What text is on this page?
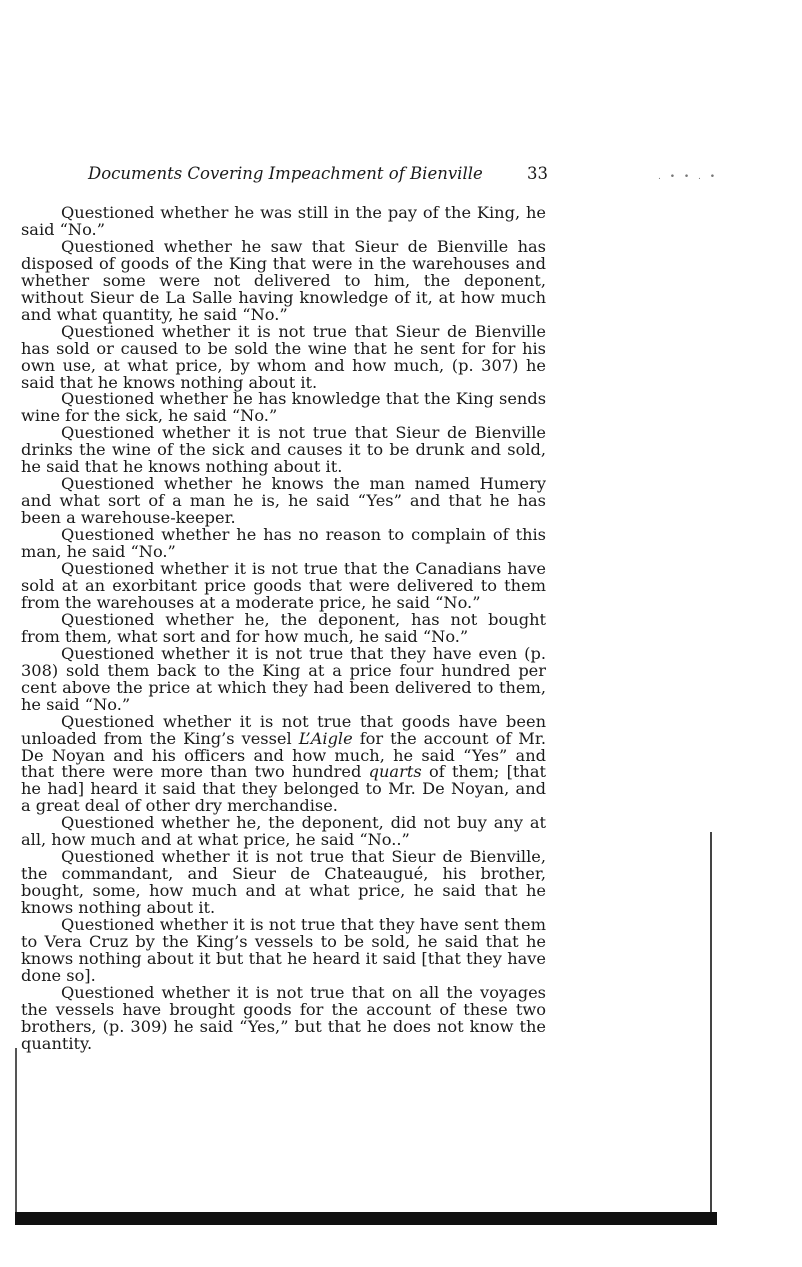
Documents Covering Impeachment of Bienville	33	. • • . •

Questioned whether he was still in the pay of the King, he said “No.”

Questioned whether he saw that Sieur de Bienville has disposed of goods of the King that were in the warehouses and whether some were not delivered to him, the deponent, without Sieur de La Salle having knowledge of it, at how much and what quantity, he said “No.”

Questioned whether it is not true that Sieur de Bienville has sold or caused to be sold the wine that he sent for for his own use, at what price, by whom and how much, (p. 307) he said that he knows nothing about it.

Questioned whether he has knowledge that the King sends wine for the sick, he said “No.”

Questioned whether it is not true that Sieur de Bienville drinks the wine of the sick and causes it to be drunk and sold, he said that he knows nothing about it.

Questioned whether he knows the man named Humery and what sort of a man he is, he said “Yes” and that he has been a warehouse-keeper.

Questioned whether he has no reason to complain of this man, he said “No.”

Questioned whether it is not true that the Canadians have sold at an exorbitant price goods that were delivered to them from the warehouses at a moderate price, he said “No.”

Questioned whether he, the deponent, has not bought from them, what sort and for how much, he said “No.”

Questioned whether it is not true that they have even (p. 308) sold them back to the King at a price four hundred per cent above the price at which they had been delivered to them, he said “No.”

Questioned whether it is not true that goods have been unloaded from the King’s vessel L’Aigle for the account of Mr. De Noyan and his officers and how much, he said “Yes” and that there were more than two hundred quarts of them; [that he had] heard it said that they belonged to Mr. De Noyan, and a great deal of other dry merchandise.

Questioned whether he, the deponent, did not buy any at all, how much and at what price, he said “No..”

Questioned whether it is not true that Sieur de Bienville, the commandant, and Sieur de Chateaugué, his brother, bought, some, how much and at what price, he said that he knows nothing about it.

Questioned whether it is not true that they have sent them to Vera Cruz by the King’s vessels to be sold, he said that he knows nothing about it but that he heard it said [that they have done so].

Questioned whether it is not true that on all the voyages the vessels have brought goods for the account of these two brothers, (p. 309) he said “Yes,” but that he does not know the quantity.
